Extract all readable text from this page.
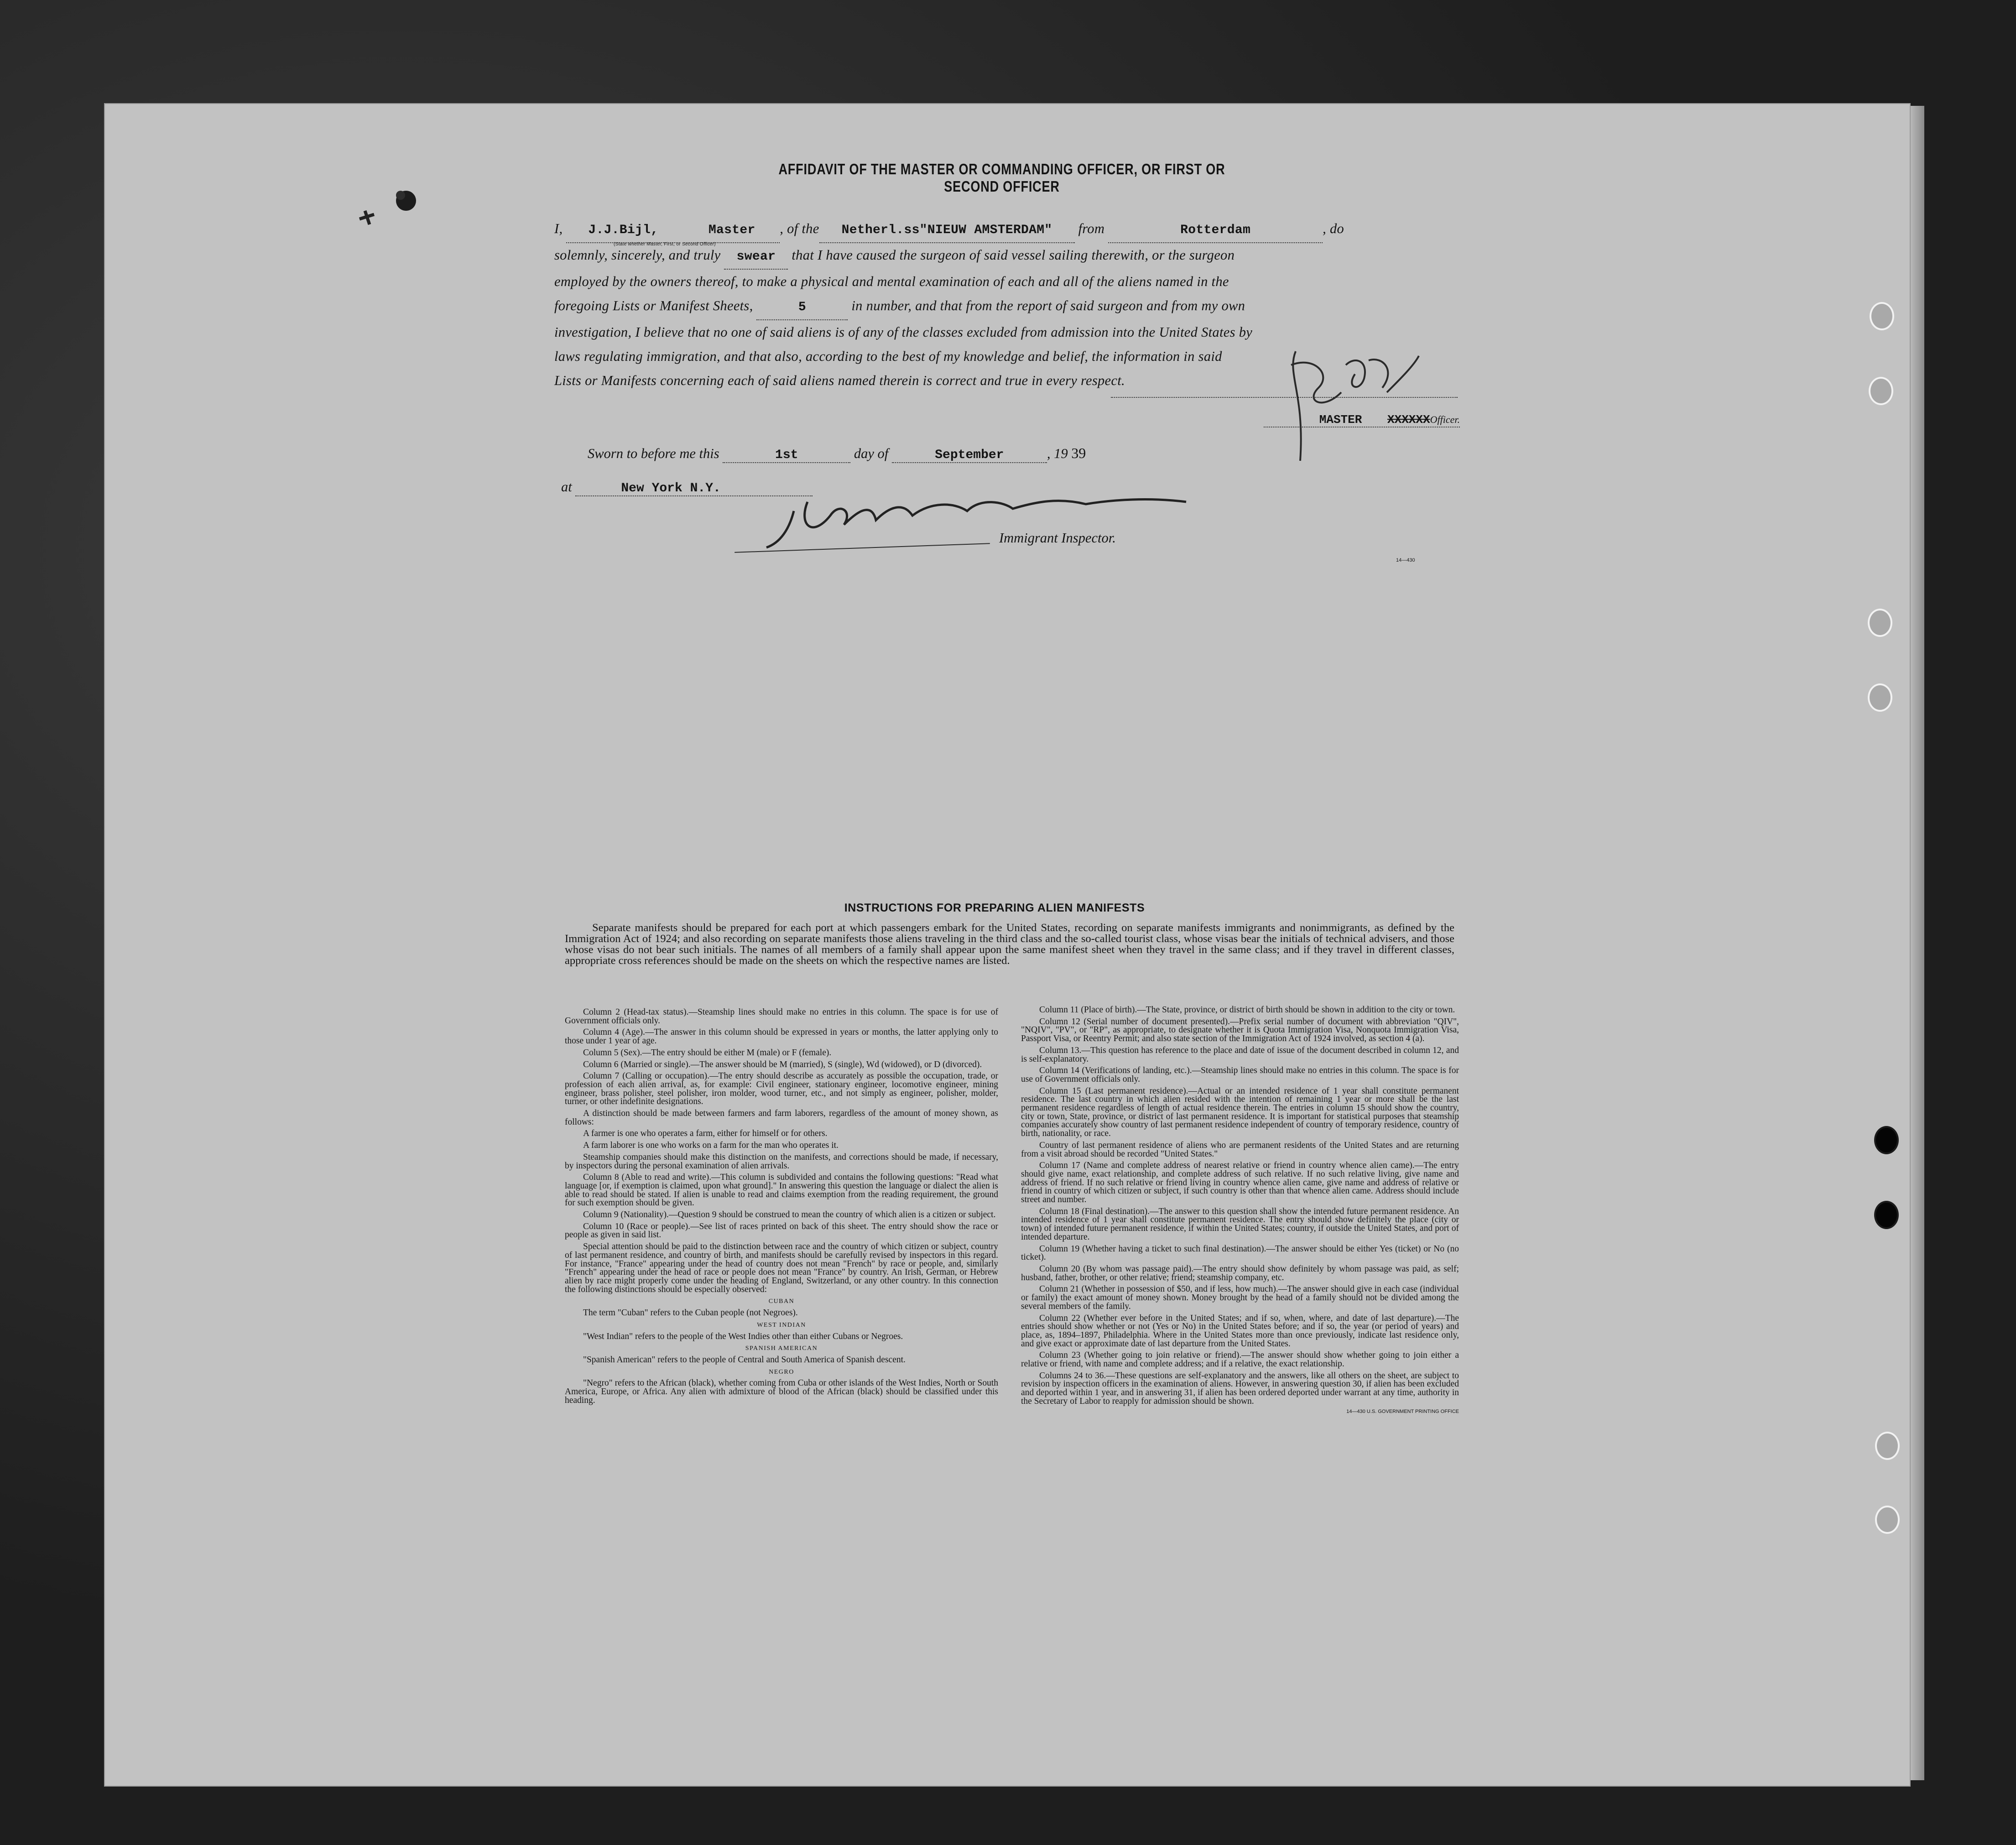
AFFIDAVIT OF THE MASTER OR COMMANDING OFFICER, OR FIRST OR SECOND OFFICER
I, J.J.Bijl,	Master , of the Netherl.ss"NIEUW AMSTERDAM" from	Rotterdam	, do
(State whether Master, First, or Second Officer)
solemnly, sincerely, and truly swear that I have caused the surgeon of said vessel sailing therewith, or the surgeon
employed by the owners thereof, to make a physical and mental examination of each and all of the aliens named in the
foregoing Lists or Manifest Sheets,	5	in number, and that from the report of said surgeon and from my own
investigation, I believe that no one of said aliens is of any of the classes excluded from admission into the United States by
laws regulating immigration, and that also, according to the best of my knowledge and belief, the information in said
Lists or Manifests concerning each of said aliens named therein is correct and true in every respect.
MASTER XXXXXXOfficer.
Sworn to before me this	1st	day of	September	, 19 39
at	New York N.Y.
Immigrant Inspector.
14—430
INSTRUCTIONS FOR PREPARING ALIEN MANIFESTS
Separate manifests should be prepared for each port at which passengers embark for the United States, recording on separate manifests immigrants and nonimmigrants, as defined by the Immigration Act of 1924; and also recording on separate manifests those aliens traveling in the third class and the so-called tourist class, whose visas bear the initials of technical advisers, and those whose visas do not bear such initials. The names of all members of a family shall appear upon the same manifest sheet when they travel in the same class; and if they travel in different classes, appropriate cross references should be made on the sheets on which the respective names are listed.

Column 2 (Head-tax status).—Steamship lines should make no entries in this column. The space is for use of Government officials only.

Column 4 (Age).—The answer in this column should be expressed in years or months, the latter applying only to those under 1 year of age.

Column 5 (Sex).—The entry should be either M (male) or F (female).

Column 6 (Married or single).—The answer should be M (married), S (single), Wd (widowed), or D (divorced).

Column 7 (Calling or occupation).—The entry should describe as accurately as possible the occupation, trade, or profession of each alien arrival, as, for example: Civil engineer, stationary engineer, locomotive engineer, mining engineer, brass polisher, steel polisher, iron molder, wood turner, etc., and not simply as engineer, polisher, molder, turner, or other indefinite designations.

A distinction should be made between farmers and farm laborers, regardless of the amount of money shown, as follows:

A farmer is one who operates a farm, either for himself or for others.

A farm laborer is one who works on a farm for the man who operates it.

Steamship companies should make this distinction on the manifests, and corrections should be made, if necessary, by inspectors during the personal examination of alien arrivals.

Column 8 (Able to read and write).—This column is subdivided and contains the following questions: "Read what language [or, if exemption is claimed, upon what ground]." In answering this question the language or dialect the alien is able to read should be stated. If alien is unable to read and claims exemption from the reading requirement, the ground for such exemption should be given.

Column 9 (Nationality).—Question 9 should be construed to mean the country of which alien is a citizen or subject.

Column 10 (Race or people).—See list of races printed on back of this sheet. The entry should show the race or people as given in said list.

Special attention should be paid to the distinction between race and the country of which citizen or subject, country of last permanent residence, and country of birth, and manifests should be carefully revised by inspectors in this regard. For instance, "France" appearing under the head of country does not mean "French" by race or people, and, similarly "French" appearing under the head of race or people does not mean "France" by country. An Irish, German, or Hebrew alien by race might properly come under the heading of England, Switzerland, or any other country. In this connection the following distinctions should be especially observed:

CUBAN

The term "Cuban" refers to the Cuban people (not Negroes).

WEST INDIAN

"West Indian" refers to the people of the West Indies other than either Cubans or Negroes.

SPANISH AMERICAN

"Spanish American" refers to the people of Central and South America of Spanish descent.

NEGRO

"Negro" refers to the African (black), whether coming from Cuba or other islands of the West Indies, North or South America, Europe, or Africa. Any alien with admixture of blood of the African (black) should be classified under this heading.

Column 11 (Place of birth).—The State, province, or district of birth should be shown in addition to the city or town.

Column 12 (Serial number of document presented).—Prefix serial number of document with abbreviation "QIV", "NQIV", "PV", or "RP", as appropriate, to designate whether it is Quota Immigration Visa, Nonquota Immigration Visa, Passport Visa, or Reentry Permit; and also state section of the Immigration Act of 1924 involved, as section 4 (a).

Column 13.—This question has reference to the place and date of issue of the document described in column 12, and is self-explanatory.

Column 14 (Verifications of landing, etc.).—Steamship lines should make no entries in this column. The space is for use of Government officials only.

Column 15 (Last permanent residence).—Actual or an intended residence of 1 year shall constitute permanent residence. The last country in which alien resided with the intention of remaining 1 year or more shall be the last permanent residence regardless of length of actual residence therein. The entries in column 15 should show the country, city or town, State, province, or district of last permanent residence. It is important for statistical purposes that steamship companies accurately show country of last permanent residence independent of country of temporary residence, country of birth, nationality, or race.

Country of last permanent residence of aliens who are permanent residents of the United States and are returning from a visit abroad should be recorded "United States."

Column 17 (Name and complete address of nearest relative or friend in country whence alien came).—The entry should give name, exact relationship, and complete address of such relative. If no such relative living, give name and address of friend. If no such relative or friend living in country whence alien came, give name and address of relative or friend in country of which citizen or subject, if such country is other than that whence alien came. Address should include street and number.

Column 18 (Final destination).—The answer to this question shall show the intended future permanent residence. An intended residence of 1 year shall constitute permanent residence. The entry should show definitely the place (city or town) of intended future permanent residence, if within the United States; country, if outside the United States, and port of intended departure.

Column 19 (Whether having a ticket to such final destination).—The answer should be either Yes (ticket) or No (no ticket).

Column 20 (By whom was passage paid).—The entry should show definitely by whom passage was paid, as self; husband, father, brother, or other relative; friend; steamship company, etc.

Column 21 (Whether in possession of $50, and if less, how much).—The answer should give in each case (individual or family) the exact amount of money shown. Money brought by the head of a family should not be divided among the several members of the family.

Column 22 (Whether ever before in the United States; and if so, when, where, and date of last departure).—The entries should show whether or not (Yes or No) in the United States before; and if so, the year (or period of years) and place, as, 1894–1897, Philadelphia. Where in the United States more than once previously, indicate last residence only, and give exact or approximate date of last departure from the United States.

Column 23 (Whether going to join relative or friend).—The answer should show whether going to join either a relative or friend, with name and complete address; and if a relative, the exact relationship.

Columns 24 to 36.—These questions are self-explanatory and the answers, like all others on the sheet, are subject to revision by inspection officers in the examination of aliens. However, in answering question 30, if alien has been excluded and deported within 1 year, and in answering 31, if alien has been ordered deported under warrant at any time, authority in the Secretary of Labor to reapply for admission should be shown.

14—430 U.S. GOVERNMENT PRINTING OFFICE
